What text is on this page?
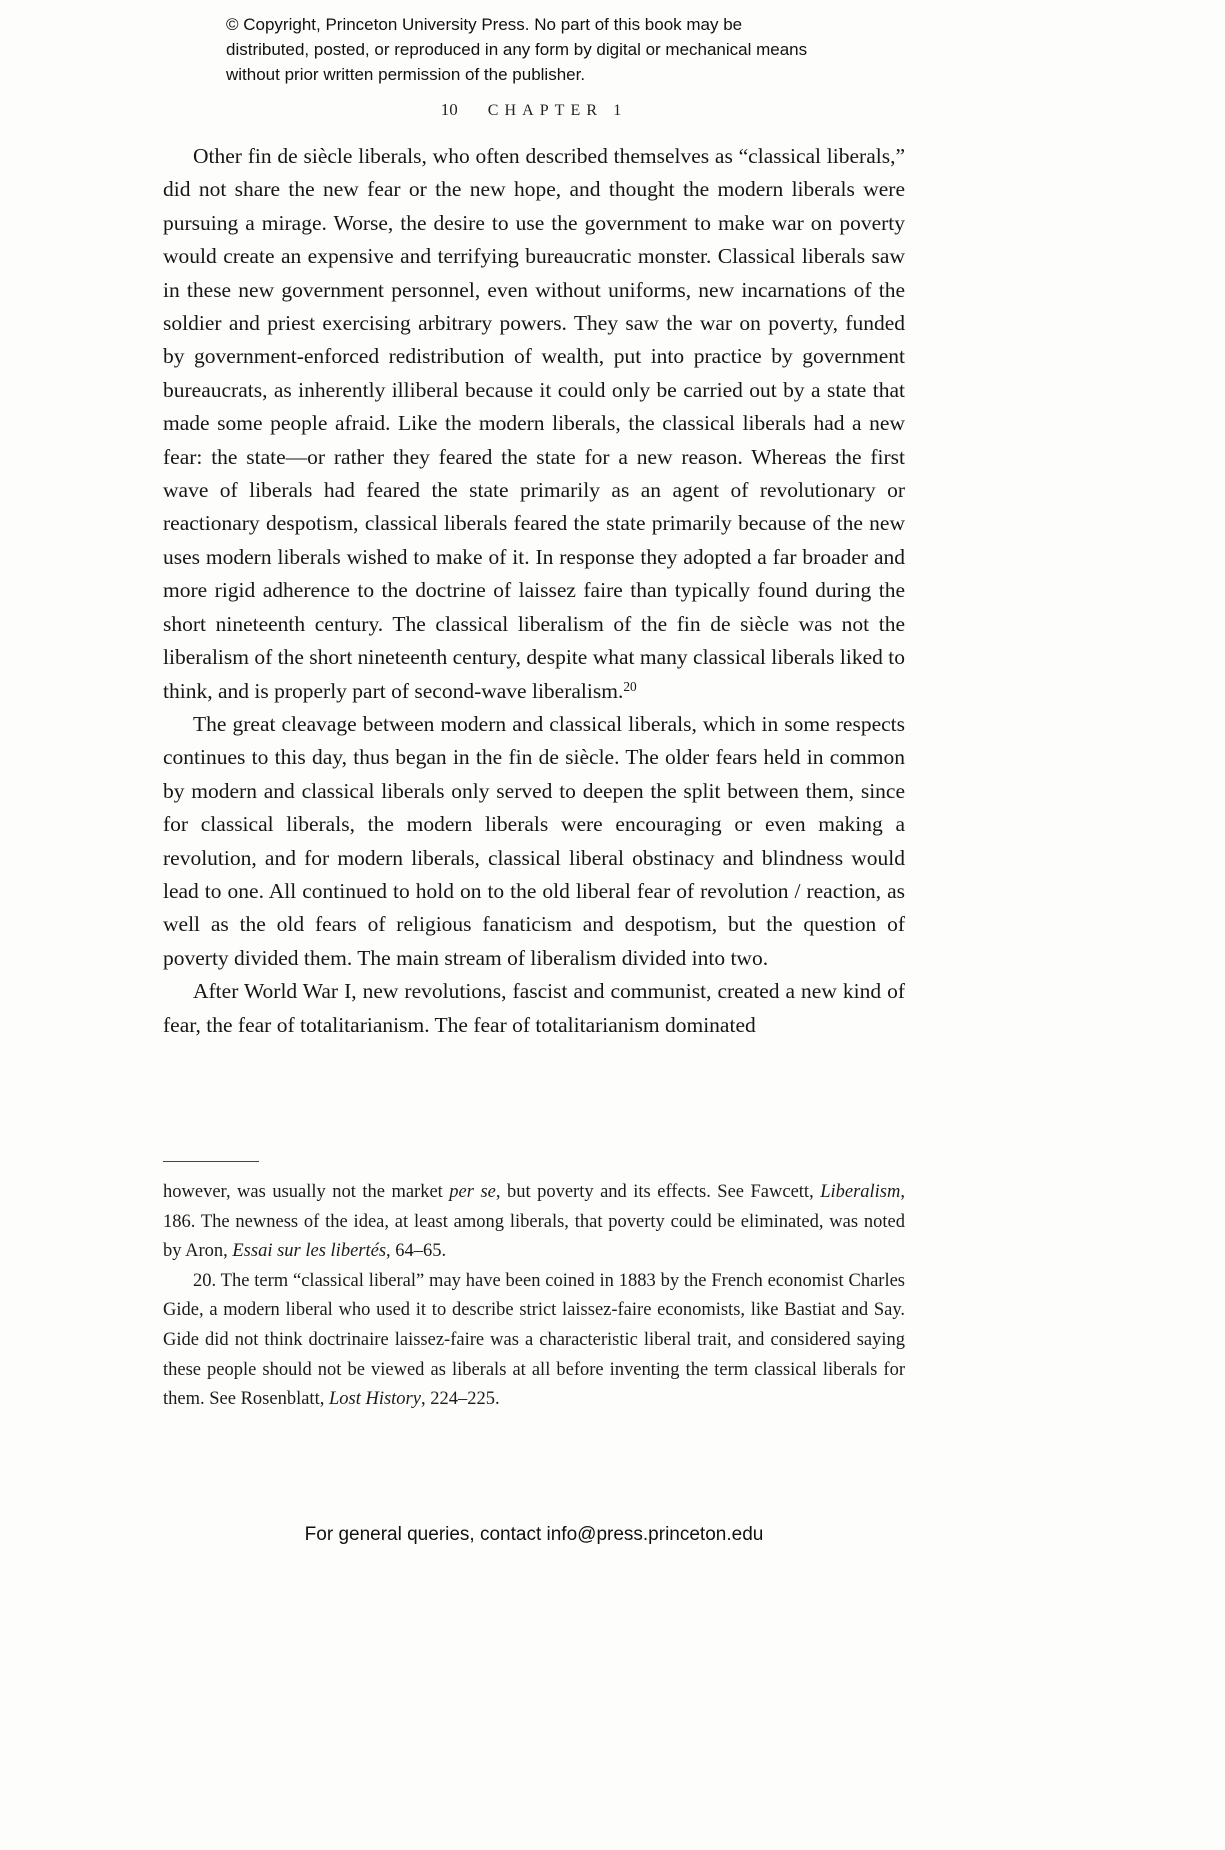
© Copyright, Princeton University Press. No part of this book may be distributed, posted, or reproduced in any form by digital or mechanical means without prior written permission of the publisher.
10 CHAPTER 1

Other fin de siècle liberals, who often described themselves as “classical liberals,” did not share the new fear or the new hope, and thought the modern liberals were pursuing a mirage. Worse, the desire to use the government to make war on poverty would create an expensive and terrifying bureaucratic monster. Classical liberals saw in these new government personnel, even without uniforms, new incarnations of the soldier and priest exercising arbitrary powers. They saw the war on poverty, funded by government-enforced redistribution of wealth, put into practice by government bureaucrats, as inherently illiberal because it could only be carried out by a state that made some people afraid. Like the modern liberals, the classical liberals had a new fear: the state—or rather they feared the state for a new reason. Whereas the first wave of liberals had feared the state primarily as an agent of revolutionary or reactionary despotism, classical liberals feared the state primarily because of the new uses modern liberals wished to make of it. In response they adopted a far broader and more rigid adherence to the doctrine of laissez faire than typically found during the short nineteenth century. The classical liberalism of the fin de siècle was not the liberalism of the short nineteenth century, despite what many classical liberals liked to think, and is properly part of second-wave liberalism.$^{20}$

The great cleavage between modern and classical liberals, which in some respects continues to this day, thus began in the fin de siècle. The older fears held in common by modern and classical liberals only served to deepen the split between them, since for classical liberals, the modern liberals were encouraging or even making a revolution, and for modern liberals, classical liberal obstinacy and blindness would lead to one. All continued to hold on to the old liberal fear of revolution / reaction, as well as the old fears of religious fanaticism and despotism, but the question of poverty divided them. The main stream of liberalism divided into two.

After World War I, new revolutions, fascist and communist, created a new kind of fear, the fear of totalitarianism. The fear of totalitarianism dominated

however, was usually not the market per se, but poverty and its effects. See Fawcett, Liberalism, 186. The newness of the idea, at least among liberals, that poverty could be eliminated, was noted by Aron, Essai sur les libertés, 64–65.

20. The term “classical liberal” may have been coined in 1883 by the French economist Charles Gide, a modern liberal who used it to describe strict laissez-faire economists, like Bastiat and Say. Gide did not think doctrinaire laissez-faire was a characteristic liberal trait, and considered saying these people should not be viewed as liberals at all before inventing the term classical liberals for them. See Rosenblatt, Lost History, 224–225.

For general queries, contact info@press.princeton.edu
